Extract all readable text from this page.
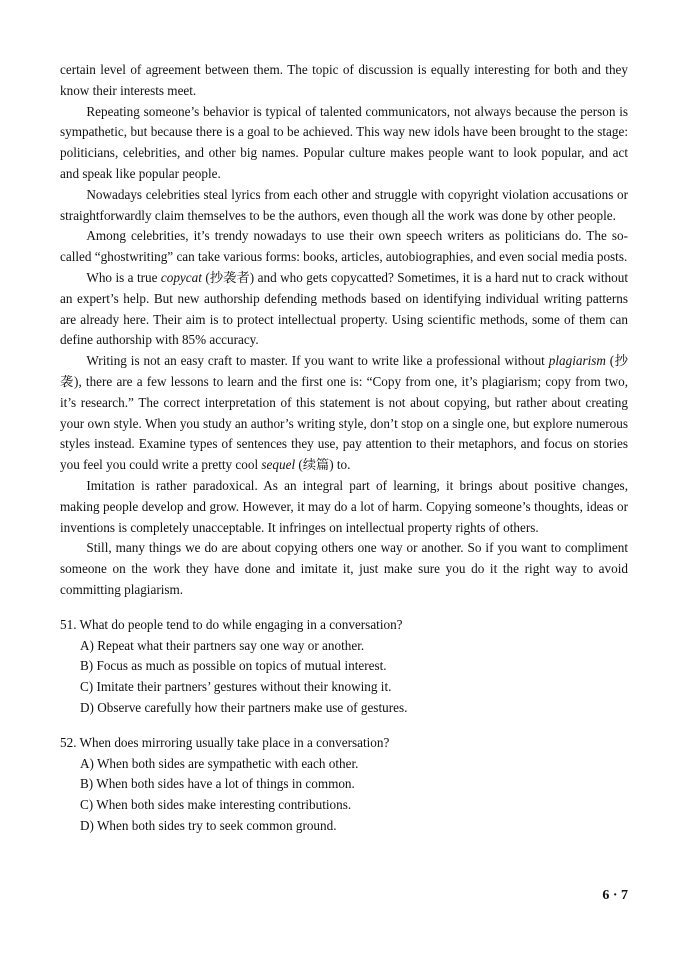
certain level of agreement between them. The topic of discussion is equally interesting for both and they know their interests meet.

Repeating someone’s behavior is typical of talented communicators, not always because the person is sympathetic, but because there is a goal to be achieved. This way new idols have been brought to the stage: politicians, celebrities, and other big names. Popular culture makes people want to look popular, and act and speak like popular people.

Nowadays celebrities steal lyrics from each other and struggle with copyright violation accusations or straightforwardly claim themselves to be the authors, even though all the work was done by other people.

Among celebrities, it’s trendy nowadays to use their own speech writers as politicians do. The so-called “ghostwriting” can take various forms: books, articles, autobiographies, and even social media posts.

Who is a true copycat (抄袭者) and who gets copycatted? Sometimes, it is a hard nut to crack without an expert’s help. But new authorship defending methods based on identifying individual writing patterns are already here. Their aim is to protect intellectual property. Using scientific methods, some of them can define authorship with 85% accuracy.

Writing is not an easy craft to master. If you want to write like a professional without plagiarism (抄袭), there are a few lessons to learn and the first one is: “Copy from one, it’s plagiarism; copy from two, it’s research.” The correct interpretation of this statement is not about copying, but rather about creating your own style. When you study an author’s writing style, don’t stop on a single one, but explore numerous styles instead. Examine types of sentences they use, pay attention to their metaphors, and focus on stories you feel you could write a pretty cool sequel (续篇) to.

Imitation is rather paradoxical. As an integral part of learning, it brings about positive changes, making people develop and grow. However, it may do a lot of harm. Copying someone’s thoughts, ideas or inventions is completely unacceptable. It infringes on intellectual property rights of others.

Still, many things we do are about copying others one way or another. So if you want to compliment someone on the work they have done and imitate it, just make sure you do it the right way to avoid committing plagiarism.

51. What do people tend to do while engaging in a conversation?

A) Repeat what their partners say one way or another.

B) Focus as much as possible on topics of mutual interest.

C) Imitate their partners’ gestures without their knowing it.

D) Observe carefully how their partners make use of gestures.

52. When does mirroring usually take place in a conversation?

A) When both sides are sympathetic with each other.

B) When both sides have a lot of things in common.

C) When both sides make interesting contributions.

D) When both sides try to seek common ground.

6 · 7
